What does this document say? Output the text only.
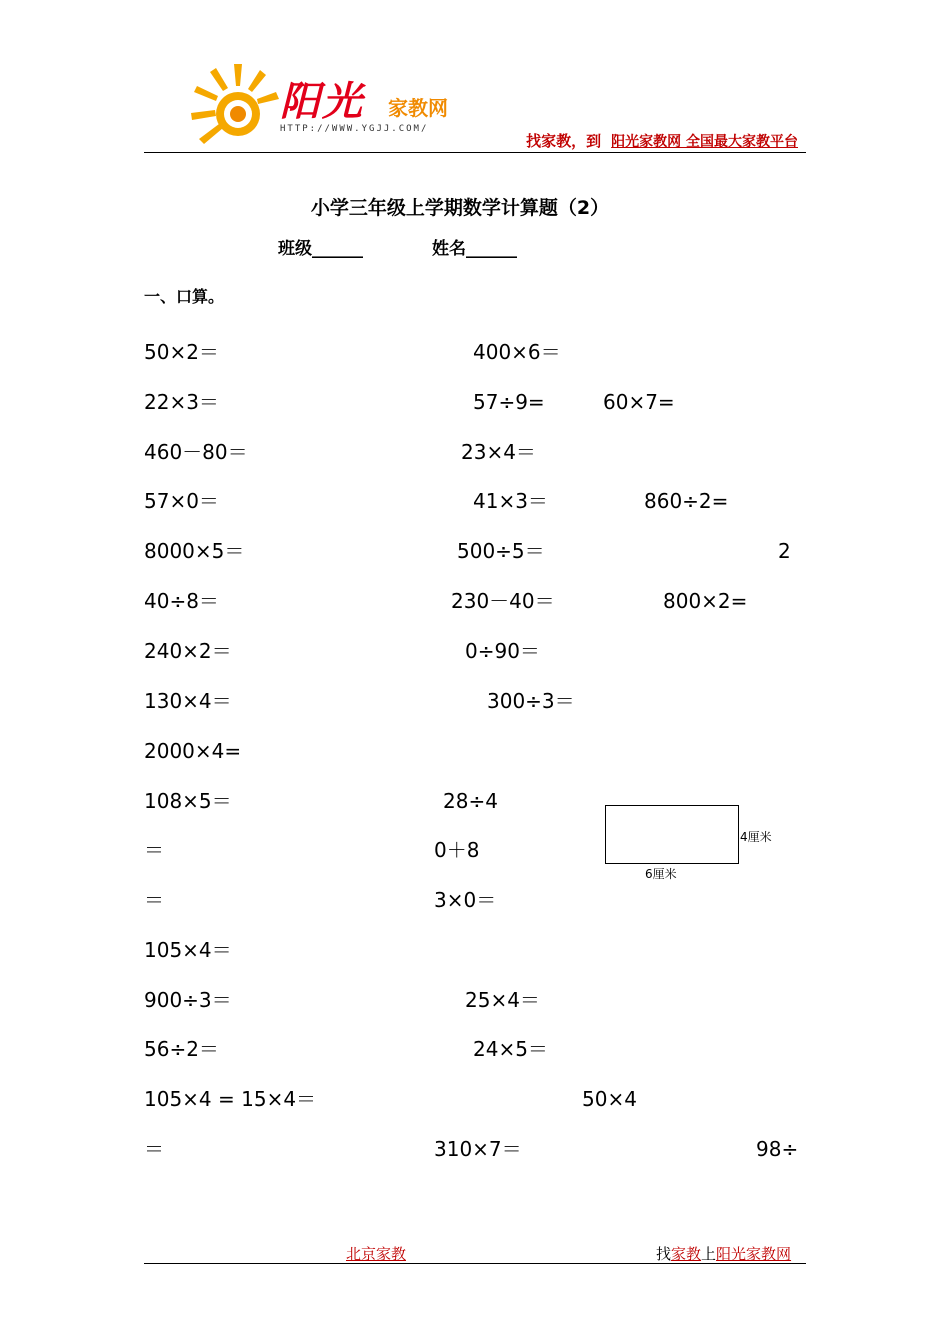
阳光 家教网
HTTP://WWW.YGJJ.COM/
找家教，到 阳光家教网 全国最大家教平台
小学三年级上学期数学计算题（2）
班级______	姓名______
一、口算。
50×2＝	400×6＝
22×3＝	57÷9=	60×7=
460－80＝	23×4＝
57×0＝	41×3＝	860÷2=
8000×5＝	500÷5＝	2
40÷8＝	230－40＝	800×2=
240×2＝	0÷90＝
130×4＝	300÷3＝
2000×4=
108×5＝	28÷4
＝	0＋8
＝	3×0＝
105×4＝
900÷3＝	25×4＝
56÷2＝	24×5＝
105×4 = 15×4＝	50×4
＝	310×7＝	98÷
4厘米
6厘米
北京家教	找家教上阳光家教网
